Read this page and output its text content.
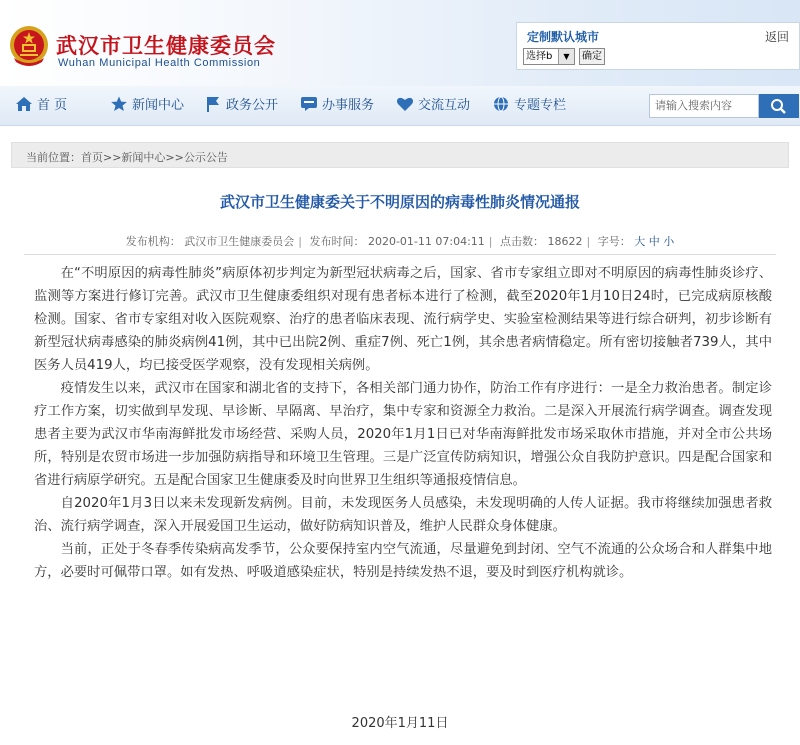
武汉市卫生健康委员会
Wuhan Municipal Health Commission
定制默认城市	返回
选择b	▼	确定
首 页	新闻中心	政务公开	办事服务	交流互动	专题专栏	请输入搜索内容
当前位置：首页>>新闻中心>>公示公告
武汉市卫生健康委关于不明原因的病毒性肺炎情况通报
发布机构： 武汉市卫生健康委员会 | 发布时间： 2020-01-11 07:04:11 | 点击数： 18622 | 字号： 大 中 小

在“不明原因的病毒性肺炎”病原体初步判定为新型冠状病毒之后，国家、省市专家组立即对不明原因的病毒性肺炎诊疗、监测等方案进行修订完善。武汉市卫生健康委组织对现有患者标本进行了检测，截至2020年1月10日24时，已完成病原核酸检测。国家、省市专家组对收入医院观察、治疗的患者临床表现、流行病学史、实验室检测结果等进行综合研判，初步诊断有新型冠状病毒感染的肺炎病例41例，其中已出院2例、重症7例、死亡1例，其余患者病情稳定。所有密切接触者739人，其中医务人员419人，均已接受医学观察，没有发现相关病例。

疫情发生以来，武汉市在国家和湖北省的支持下，各相关部门通力协作，防治工作有序进行：一是全力救治患者。制定诊疗工作方案，切实做到早发现、早诊断、早隔离、早治疗，集中专家和资源全力救治。二是深入开展流行病学调查。调查发现患者主要为武汉市华南海鲜批发市场经营、采购人员，2020年1月1日已对华南海鲜批发市场采取休市措施，并对全市公共场所，特别是农贸市场进一步加强防病指导和环境卫生管理。三是广泛宣传防病知识，增强公众自我防护意识。四是配合国家和省进行病原学研究。五是配合国家卫生健康委及时向世界卫生组织等通报疫情信息。

自2020年1月3日以来未发现新发病例。目前，未发现医务人员感染，未发现明确的人传人证据。我市将继续加强患者救治、流行病学调查，深入开展爱国卫生运动，做好防病知识普及，维护人民群众身体健康。

当前，正处于冬春季传染病高发季节，公众要保持室内空气流通，尽量避免到封闭、空气不流通的公众场合和人群集中地方，必要时可佩带口罩。如有发热、呼吸道感染症状，特别是持续发热不退，要及时到医疗机构就诊。

2020年1月11日
